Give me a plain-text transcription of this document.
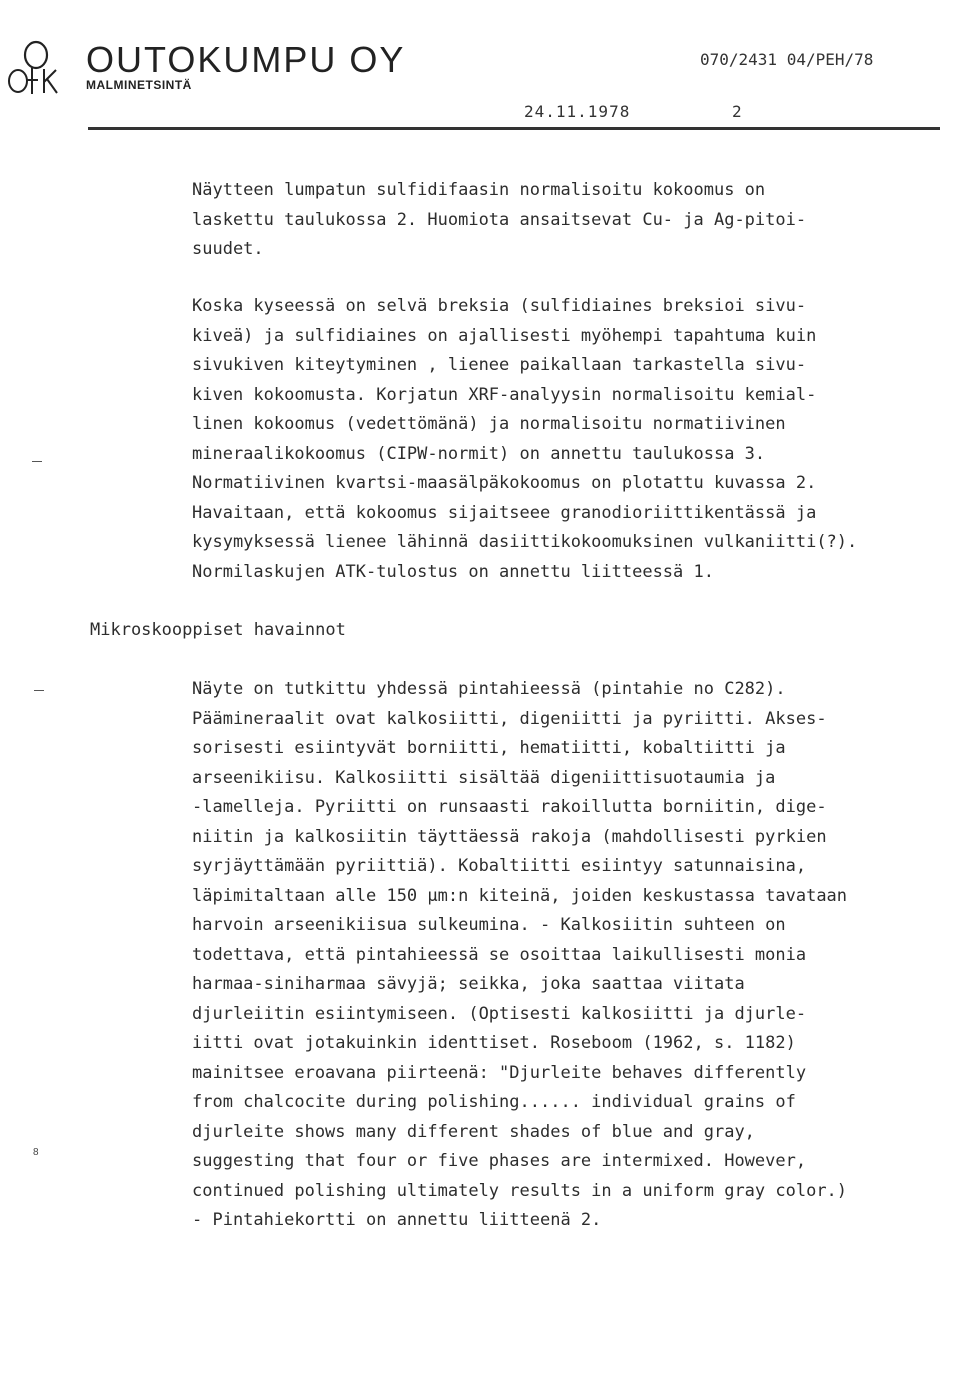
OUTOKUMPU OY
MALMINETSINTÄ
070/2431 04/PEH/78
24.11.1978	2
Näytteen lumpatun sulfidifaasin normalisoitu kokoomus on
laskettu taulukossa 2. Huomiota ansaitsevat Cu- ja Ag-pitoi-
suudet.
Koska kyseessä on selvä breksia (sulfidiaines breksioi sivu-
kiveä) ja sulfidiaines on ajallisesti myöhempi tapahtuma kuin
sivukiven kiteytyminen , lienee paikallaan tarkastella sivu-
kiven kokoomusta. Korjatun XRF-analyysin normalisoitu kemial-
linen kokoomus (vedettömänä) ja normalisoitu normatiivinen
mineraalikokoomus (CIPW-normit) on annettu taulukossa 3.
Normatiivinen kvartsi-maasälpäkokoomus on plotattu kuvassa 2.
Havaitaan, että kokoomus sijaitseee granodioriittikentässä ja
kysymyksessä lienee lähinnä dasiittikokoomuksinen vulkaniitti(?).
Normilaskujen ATK-tulostus on annettu liitteessä 1.
Mikroskooppiset havainnot
Näyte on tutkittu yhdessä pintahieessä (pintahie no C282).
Päämineraalit ovat kalkosiitti, digeniitti ja pyriitti. Akses-
sorisesti esiintyvät borniitti, hematiitti, kobaltiitti ja
arseenikiisu. Kalkosiitti sisältää digeniittisuotaumia ja
-lamelleja. Pyriitti on runsaasti rakoillutta borniitin, dige-
niitin ja kalkosiitin täyttäessä rakoja (mahdollisesti pyrkien
syrjäyttämään pyriittiä). Kobaltiitti esiintyy satunnaisina,
läpimitaltaan alle 150 μm:n kiteinä, joiden keskustassa tavataan
harvoin arseenikiisua sulkeumina. - Kalkosiitin suhteen on
todettava, että pintahieessä se osoittaa laikullisesti monia
harmaa-siniharmaa sävyjä; seikka, joka saattaa viitata
djurleiitin esiintymiseen. (Optisesti kalkosiitti ja djurle-
iitti ovat jotakuinkin identtiset. Roseboom (1962, s. 1182)
mainitsee eroavana piirteenä: "Djurleite behaves differently
from chalcocite during polishing...... individual grains of
djurleite shows many different shades of blue and gray,
suggesting that four or five phases are intermixed. However,
continued polishing ultimately results in a uniform gray color.)
- Pintahiekortti on annettu liitteenä 2.
8
